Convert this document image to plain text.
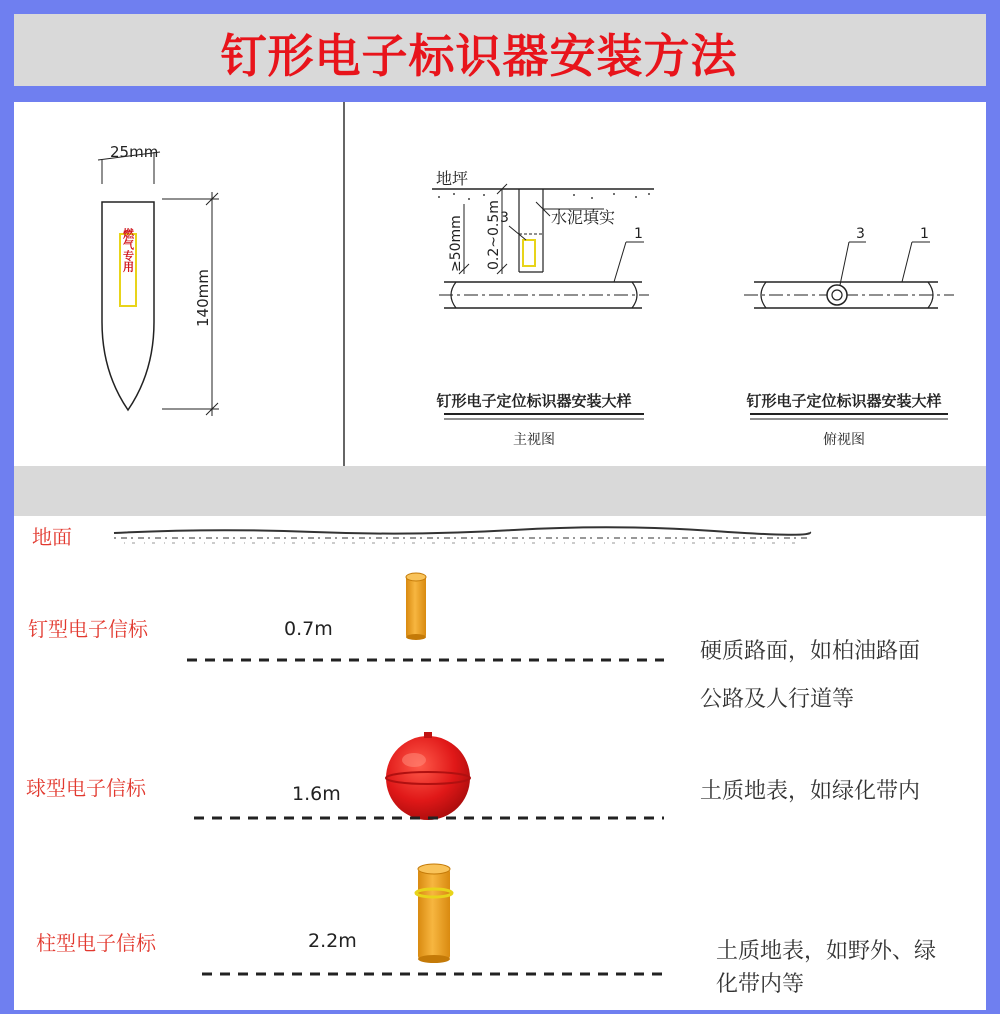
钉形电子标识器安装方法
25mm
燃气专用
140mm
地坪
3	水泥填实
≥50mm 0.2~0.5m	1
钉形电子定位标识器安装大样
主视图
3	1
钉形电子定位标识器安装大样
俯视图
地面
钉型电子信标	0.7m
硬质路面，如柏油路面
公路及人行道等
球型电子信标	1.6m	土质地表，如绿化带内
柱型电子信标	2.2m	土质地表，如野外、绿
化带内等
